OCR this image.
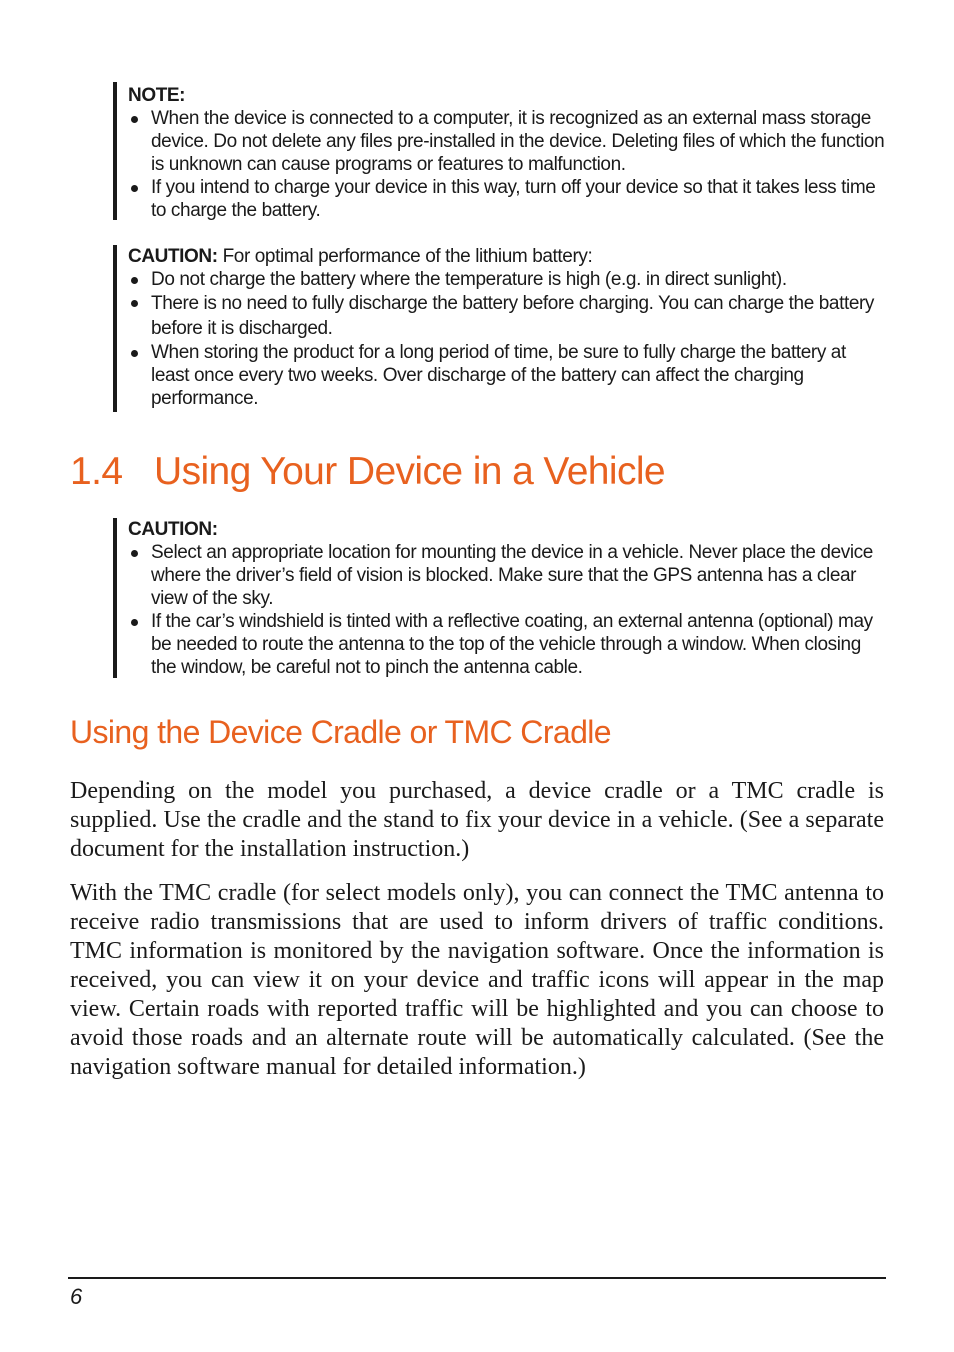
NOTE:

When the device is connected to a computer, it is recognized as an external mass storage device. Do not delete any files pre-installed in the device. Deleting files of which the function is unknown can cause programs or features to malfunction.
If you intend to charge your device in this way, turn off your device so that it takes less time to charge the battery.

CAUTION: For optimal performance of the lithium battery:

Do not charge the battery where the temperature is high (e.g. in direct sunlight).
There is no need to fully discharge the battery before charging. You can charge the battery before it is discharged.
When storing the product for a long period of time, be sure to fully charge the battery at least once every two weeks. Over discharge of the battery can affect the charging performance.
1.4 Using Your Device in a Vehicle

CAUTION:

Select an appropriate location for mounting the device in a vehicle. Never place the device where the driver’s field of vision is blocked. Make sure that the GPS antenna has a clear view of the sky.
If the car’s windshield is tinted with a reflective coating, an external antenna (optional) may be needed to route the antenna to the top of the vehicle through a window. When closing the window, be careful not to pinch the antenna cable.
Using the Device Cradle or TMC Cradle

Depending on the model you purchased, a device cradle or a TMC cradle is supplied. Use the cradle and the stand to fix your device in a vehicle. (See a separate document for the installation instruction.)

With the TMC cradle (for select models only), you can connect the TMC antenna to receive radio transmissions that are used to inform drivers of traffic conditions. TMC information is monitored by the navigation software. Once the information is received, you can view it on your device and traffic icons will appear in the map view. Certain roads with reported traffic will be highlighted and you can choose to avoid those roads and an alternate route will be automatically calculated. (See the navigation software manual for detailed information.)

6
